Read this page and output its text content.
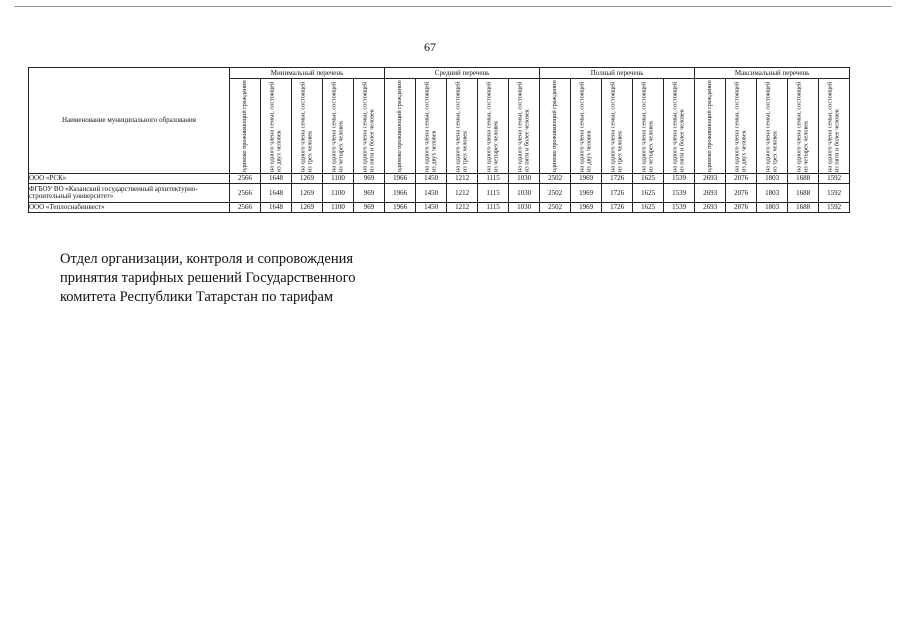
67
Наименование муниципального образования	Минимальный перечень					Средний перечень					Полный перечень					Максимальный перечень				

	одиноко проживающий гражданин	на одного члена семьи, состоящей из двух человек	на одного члена семьи, состоящей из трех человек	на одного члена семьи, состоящей из четырех человек	на одного члена семьи, состоящей из пяти и более человек	одиноко проживающий гражданин	на одного члена семьи, состоящей из двух человек	на одного члена семьи, состоящей из трех человек	на одного члена семьи, состоящей из четырех человек	на одного члена семьи, состоящей из пяти и более человек	одиноко проживающий гражданин	на одного члена семьи, состоящей из двух человек	на одного члена семьи, состоящей из трех человек	на одного члена семьи, состоящей из четырех человек	на одного члена семьи, состоящей из пяти и более человек	одиноко проживающий гражданин	на одного члена семьи, состоящей из двух человек	на одного члена семьи, состоящей из трех человек	на одного члена семьи, состоящей из четырех человек	на одного члена семьи, состоящей из пяти и более человек

ООО «РСК»	2566	1648	1269	1100	969	1966	1450	1212	1115	1030	2502	1969	1726	1625	1539	2693	2076	1803	1688	1592
ФГБОУ ВО «Казанский государственный архитектурно-строительный университет»	2566	1648	1269	1100	969	1966	1450	1212	1115	1030	2502	1969	1726	1625	1539	2693	2076	1803	1688	1592
ООО «Теплоснабинвест»	2566	1648	1269	1100	969	1966	1450	1212	1115	1030	2502	1969	1726	1625	1539	2693	2076	1803	1688	1592
Отдел организации, контроля и сопровождения
принятия тарифных решений Государственного
комитета Республики Татарстан по тарифам
